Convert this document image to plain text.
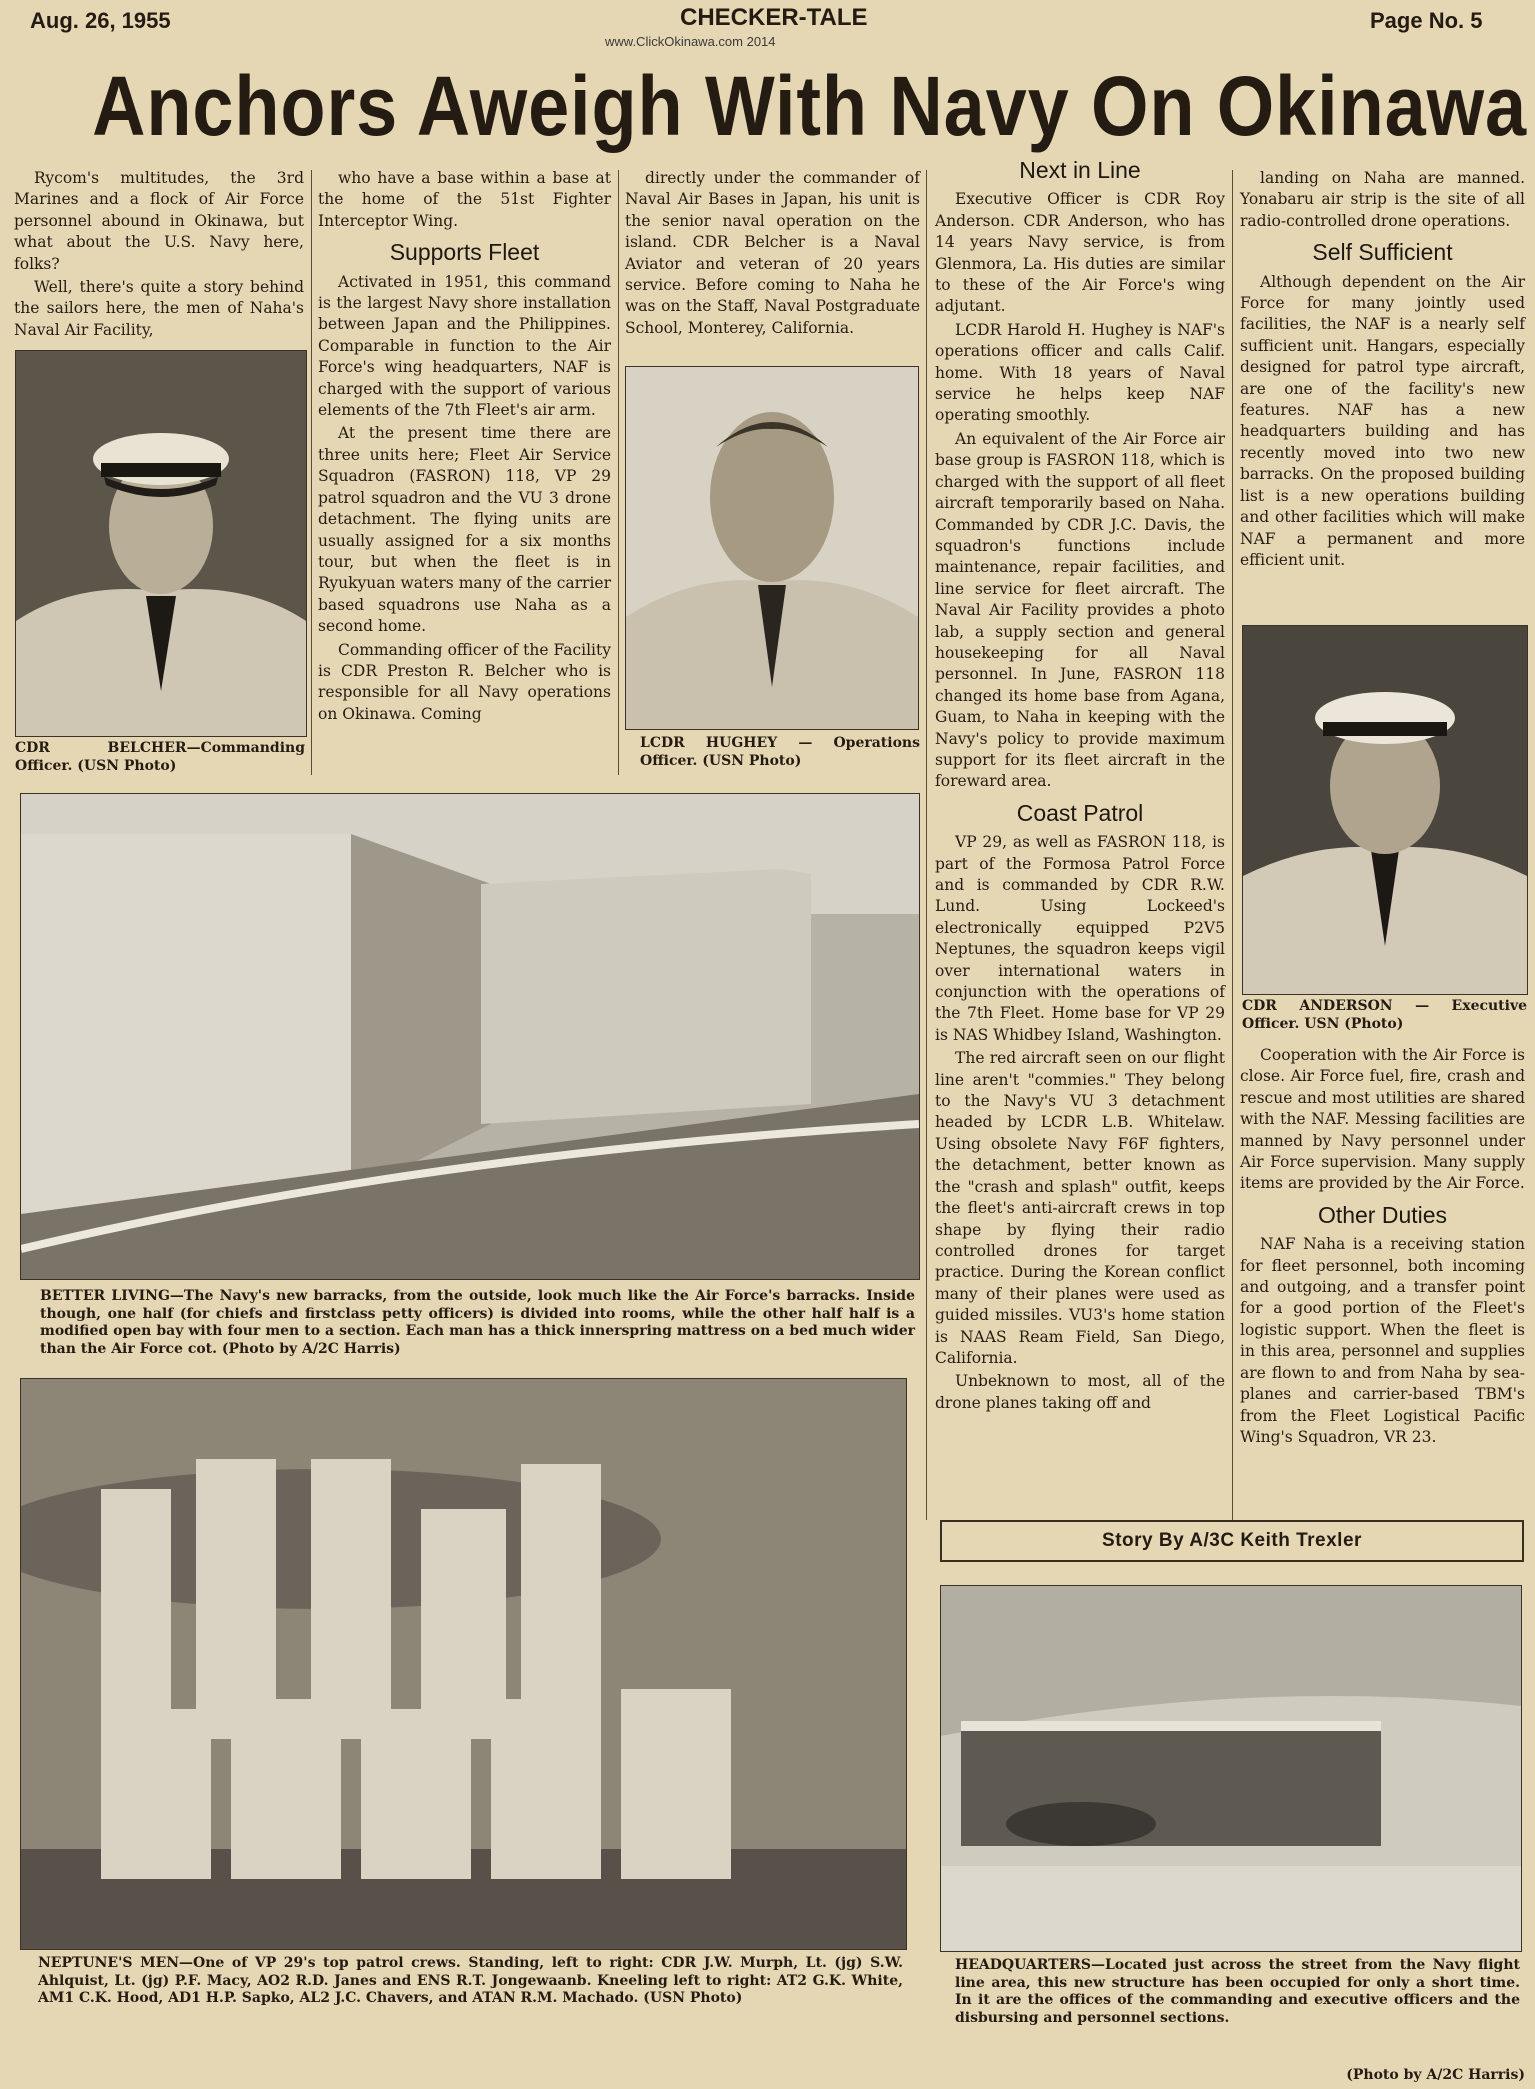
Aug. 26, 1955	CHECKER-TALE	Page No. 5
www.ClickOkinawa.com 2014
Anchors Aweigh With Navy On Okinawa

Rycom's multitudes, the 3rd Marines and a flock of Air Force personnel abound in Okinawa, but what about the U.S. Navy here, folks?

Well, there's quite a story behind the sailors here, the men of Naha's Naval Air Facility,

CDR BELCHER—Commanding Officer. (USN Photo)

who have a base within a base at the home of the 51st Fighter Interceptor Wing.

Supports Fleet

Activated in 1951, this command is the largest Navy shore installation between Japan and the Philippines. Comparable in function to the Air Force's wing headquarters, NAF is charged with the support of various elements of the 7th Fleet's air arm.

At the present time there are three units here; Fleet Air Service Squadron (FASRON) 118, VP 29 patrol squadron and the VU 3 drone detachment. The flying units are usually assigned for a six months tour, but when the fleet is in Ryukyuan waters many of the carrier based squadrons use Naha as a second home.

Commanding officer of the Facility is CDR Preston R. Belcher who is responsible for all Navy operations on Okinawa. Coming

directly under the commander of Naval Air Bases in Japan, his unit is the senior naval operation on the island. CDR Belcher is a Naval Aviator and veteran of 20 years service. Before coming to Naha he was on the Staff, Naval Postgraduate School, Monterey, California.

LCDR HUGHEY — Operations Officer. (USN Photo)
Next in Line

Executive Officer is CDR Roy Anderson. CDR Anderson, who has 14 years Navy service, is from Glenmora, La. His duties are similar to these of the Air Force's wing adjutant.

LCDR Harold H. Hughey is NAF's operations officer and calls Calif. home. With 18 years of Naval service he helps keep NAF operating smoothly.

An equivalent of the Air Force air base group is FASRON 118, which is charged with the support of all fleet aircraft temporarily based on Naha. Commanded by CDR J.C. Davis, the squadron's functions include maintenance, repair facilities, and line service for fleet aircraft. The Naval Air Facility provides a photo lab, a supply section and general housekeeping for all Naval personnel. In June, FASRON 118 changed its home base from Agana, Guam, to Naha in keeping with the Navy's policy to provide maximum support for its fleet aircraft in the foreward area.

Coast Patrol

VP 29, as well as FASRON 118, is part of the Formosa Patrol Force and is commanded by CDR R.W. Lund. Using Lockeed's electronically equipped P2V5 Neptunes, the squadron keeps vigil over international waters in conjunction with the operations of the 7th Fleet. Home base for VP 29 is NAS Whidbey Island, Washington.

The red aircraft seen on our flight line aren't "commies." They belong to the Navy's VU 3 detachment headed by LCDR L.B. Whitelaw. Using obsolete Navy F6F fighters, the detachment, better known as the "crash and splash" outfit, keeps the fleet's anti-aircraft crews in top shape by flying their radio controlled drones for target practice. During the Korean conflict many of their planes were used as guided missiles. VU3's home station is NAAS Ream Field, San Diego, California.

Unbeknown to most, all of the drone planes taking off and

landing on Naha are manned. Yonabaru air strip is the site of all radio-controlled drone operations.

Self Sufficient

Although dependent on the Air Force for many jointly used facilities, the NAF is a nearly self sufficient unit. Hangars, especially designed for patrol type aircraft, are one of the facility's new features. NAF has a new headquarters building and has recently moved into two new barracks. On the proposed building list is a new operations building and other facilities which will make NAF a permanent and more efficient unit.

CDR ANDERSON — Executive Officer. USN (Photo)

Cooperation with the Air Force is close. Air Force fuel, fire, crash and rescue and most utilities are shared with the NAF. Messing facilities are manned by Navy personnel under Air Force supervision. Many supply items are provided by the Air Force.

Other Duties

NAF Naha is a receiving station for fleet personnel, both incoming and outgoing, and a transfer point for a good portion of the Fleet's logistic support. When the fleet is in this area, personnel and supplies are flown to and from Naha by sea-planes and carrier-based TBM's from the Fleet Logistical Pacific Wing's Squadron, VR 23.

BETTER LIVING—The Navy's new barracks, from the outside, look much like the Air Force's barracks. Inside though, one half (for chiefs and firstclass petty officers) is divided into rooms, while the other half half is a modified open bay with four men to a section. Each man has a thick innerspring mattress on a bed much wider than the Air Force cot. (Photo by A/2C Harris)
NEPTUNE'S MEN—One of VP 29's top patrol crews. Standing, left to right: CDR J.W. Murph, Lt. (jg) S.W. Ahlquist, Lt. (jg) P.F. Macy, AO2 R.D. Janes and ENS R.T. Jongewaanb. Kneeling left to right: AT2 G.K. White, AM1 C.K. Hood, AD1 H.P. Sapko, AL2 J.C. Chavers, and ATAN R.M. Machado. (USN Photo)
Story By A/3C Keith Trexler
HEADQUARTERS—Located just across the street from the Navy flight line area, this new structure has been occupied for only a short time. In it are the offices of the commanding and executive officers and the disbursing and personnel sections.
(Photo by A/2C Harris)
